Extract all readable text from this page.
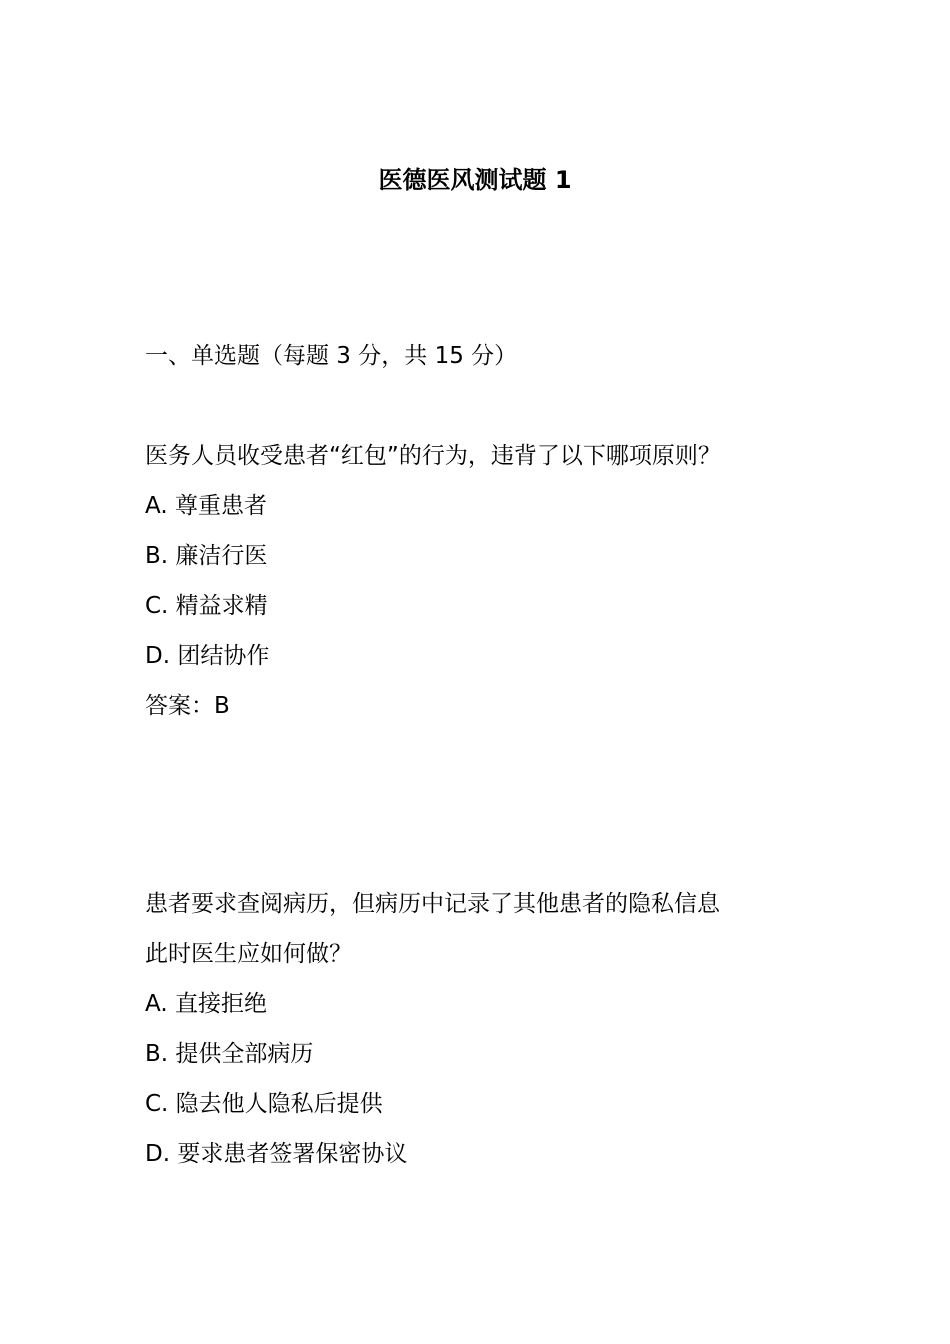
医德医风测试题 1
一、单选题（每题 3 分，共 15 分）
医务人员收受患者“红包”的行为，违背了以下哪项原则？
A. 尊重患者
B. 廉洁行医
C. 精益求精
D. 团结协作
答案：B
患者要求查阅病历，但病历中记录了其他患者的隐私信息
此时医生应如何做？
A. 直接拒绝
B. 提供全部病历
C. 隐去他人隐私后提供
D. 要求患者签署保密协议
